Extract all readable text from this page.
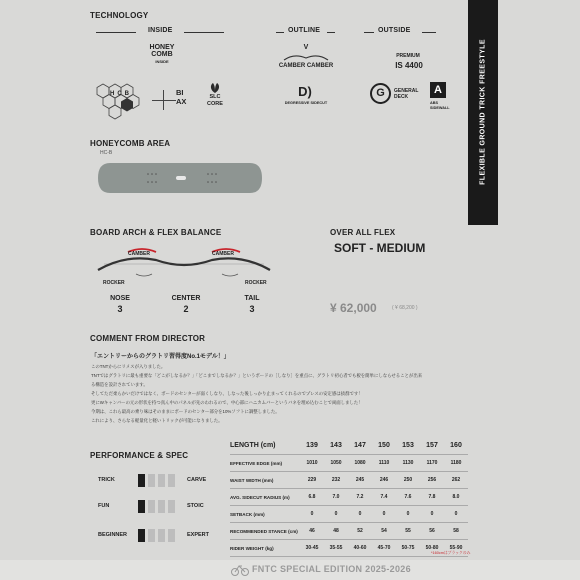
FLEXIBLE GROUND TRICK FREESTYLE
TECHNOLOGY
INSIDE	OUTLINE	OUTSIDE
HONEY
COMB
INSIDE
HCB	BI AX	SLC CORE
V
CAMBER CAMBER
D)
DEGRESSIVE SIDECUT
PREMIUM
IS 4400
G	GENERAL DECK
A
ABS SIDEWALL
HONEYCOMB AREA
HC-B
BOARD ARCH & FLEX BALANCE
CAMBER	CAMBER
ROCKER	ROCKER
NOSE
3
CENTER
2
TAIL
3
OVER ALL FLEX
SOFT - MEDIUM
¥ 62,000	( ¥ 68,200 )
COMMENT FROM DIRECTOR
「エントリーからのグラトリ習得度No.1モデル！」
このTNTからにリメスが入りました。
TNTではグラトリに最も重要な「どこがしなるか？」「どこまでしなるか？」というボードの［しなり］を重点に、グラトリ初心者でも板を簡単にしならせることが出来
る構造を設計されています。
そしてただ柔らかいだけではなく、ボードのセンターが弱くしなり、しなった後しっかり止まってくれるのでプレスの安定感は抜群です！
更にWキャンバーの元の形状を持つ真ん中のパネルが先のわれるので、中心部にハニカムバーというバネを埋め込むことで両面しました！
今期は、これら最高の乗り味はそのままにボードのセンター部分を10%ソフトに調整しました。
これにより、さらなる軽量化と軽いトリックが可能になりました。
PERFORMANCE & SPEC
TRICK	CARVE
FUN	STOIC
BEGINNER	EXPERT
LENGTH (cm)	139	143	147	150	153	157	160
EFFECTIVE EDGE (mm)	1010	1050	1080	1110	1130	1170	1180
WAIST WIDTH (mm)	229	232	245	246	250	256	262
AVG. SIDECUT RADIUS (m)	6.8	7.0	7.2	7.4	7.6	7.8	8.0
SETBACK (mm)	0	0	0	0	0	0	0
RECOMMENDED STANCE (cm)	46	48	52	54	55	56	58
RIDER WEIGHT (kg)	30-45	35-55	40-60	45-70	50-75	50-80	55-90
*160cmはブラックのみ
FNTC SPECIAL EDITION 2025-2026
